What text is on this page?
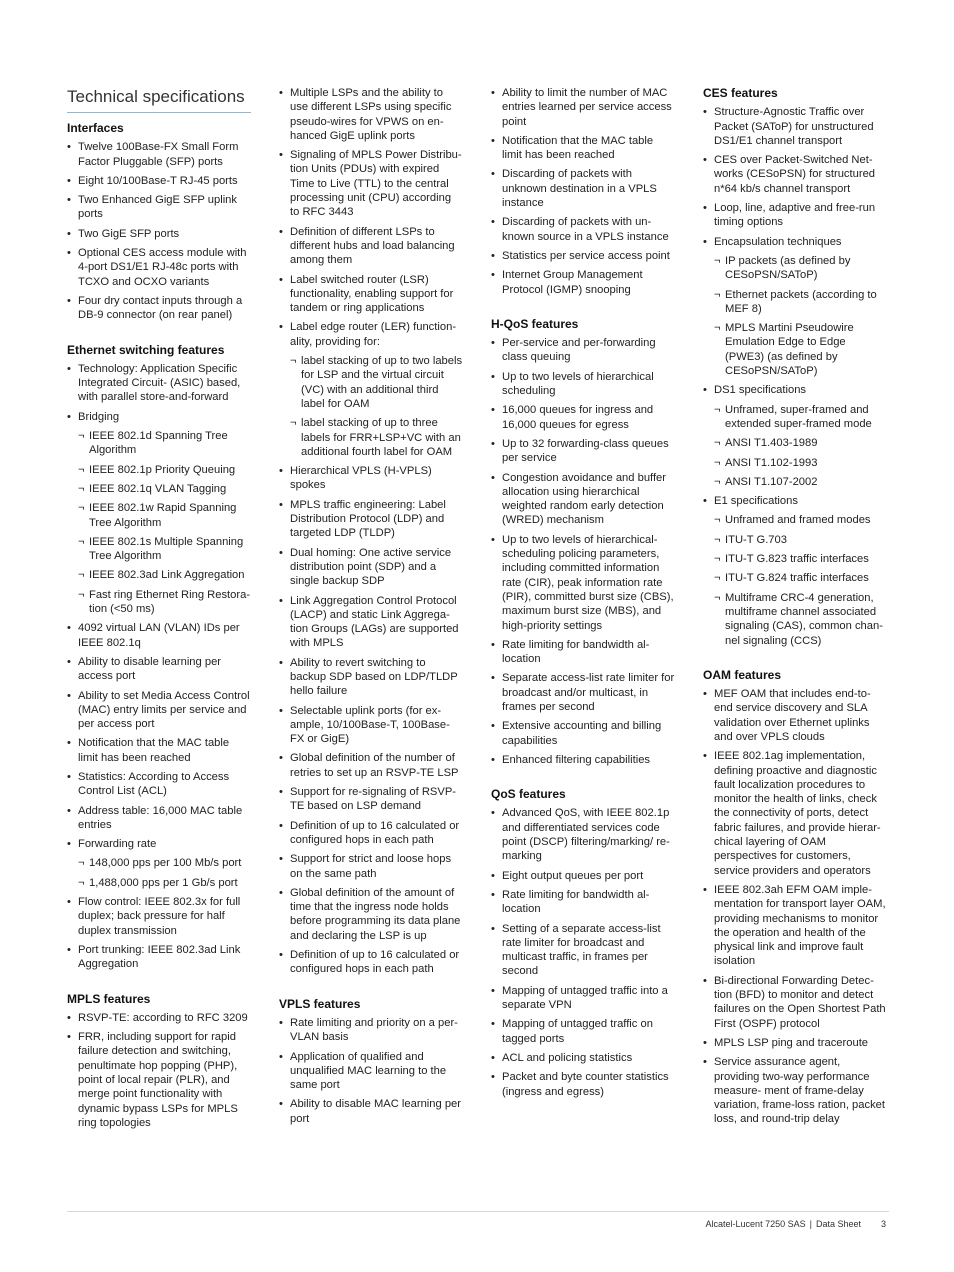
Technical specifications
Interfaces
• Twelve 100Base-FX Small Form Factor Pluggable (SFP) ports
• Eight 10/100Base-T RJ-45 ports
• Two Enhanced GigE SFP uplink ports
• Two GigE SFP ports
• Optional CES access module with 4-port DS1/E1 RJ-48c ports with TCXO and OCXO variants
• Four dry contact inputs through a DB-9 connector (on rear panel)
Ethernet switching features
• Technology: Application Specific Integrated Circuit- (ASIC) based, with parallel store-and-forward
• Bridging
¬ IEEE 802.1d Spanning Tree Algorithm
¬ IEEE 802.1p Priority Queuing
¬ IEEE 802.1q VLAN Tagging
¬ IEEE 802.1w Rapid Spanning Tree Algorithm
¬ IEEE 802.1s Multiple Spanning Tree Algorithm
¬ IEEE 802.3ad Link Aggregation
¬ Fast ring Ethernet Ring Restora- tion (<50 ms)
• 4092 virtual LAN (VLAN) IDs per IEEE 802.1q
• Ability to disable learning per access port
• Ability to set Media Access Control (MAC) entry limits per service and per access port
• Notification that the MAC table limit has been reached
• Statistics: According to Access Control List (ACL)
• Address table: 16,000 MAC table entries
• Forwarding rate
¬ 148,000 pps per 100 Mb/s port
¬ 1,488,000 pps per 1 Gb/s port
• Flow control: IEEE 802.3x for full duplex; back pressure for half duplex transmission
• Port trunking: IEEE 802.3ad Link Aggregation
MPLS features
• RSVP-TE: according to RFC 3209
• FRR, including support for rapid failure detection and switching, penultimate hop popping (PHP), point of local repair (PLR), and merge point functionality with dynamic bypass LSPs for MPLS ring topologies
• Multiple LSPs and the ability to use different LSPs using specific pseudo-wires for VPWS on en- hanced GigE uplink ports
• Signaling of MPLS Power Distribu- tion Units (PDUs) with expired Time to Live (TTL) to the central processing unit (CPU) according to RFC 3443
• Definition of different LSPs to different hubs and load balancing among them
• Label switched router (LSR) functionality, enabling support for tandem or ring applications
• Label edge router (LER) function- ality, providing for:
¬ label stacking of up to two labels for LSP and the virtual circuit (VC) with an additional third label for OAM
¬ label stacking of up to three labels for FRR+LSP+VC with an additional fourth label for OAM
• Hierarchical VPLS (H-VPLS) spokes
• MPLS traffic engineering: Label Distribution Protocol (LDP) and targeted LDP (TLDP)
• Dual homing: One active service distribution point (SDP) and a single backup SDP
• Link Aggregation Control Protocol (LACP) and static Link Aggrega- tion Groups (LAGs) are supported with MPLS
• Ability to revert switching to backup SDP based on LDP/TLDP hello failure
• Selectable uplink ports (for ex- ample, 10/100Base-T, 100Base-FX or GigE)
• Global definition of the number of retries to set up an RSVP-TE LSP
• Support for re-signaling of RSVP- TE based on LSP demand
• Definition of up to 16 calculated or configured hops in each path
• Support for strict and loose hops on the same path
• Global definition of the amount of time that the ingress node holds before programming its data plane and declaring the LSP is up
• Definition of up to 16 calculated or configured hops in each path
VPLS features
• Rate limiting and priority on a per-VLAN basis
• Application of qualified and unqualified MAC learning to the same port
• Ability to disable MAC learning per port
• Ability to limit the number of MAC entries learned per service access point
• Notification that the MAC table limit has been reached
• Discarding of packets with unknown destination in a VPLS instance
• Discarding of packets with un- known source in a VPLS instance
• Statistics per service access point
• Internet Group Management Protocol (IGMP) snooping
H-QoS features
• Per-service and per-forwarding class queuing
• Up to two levels of hierarchical scheduling
• 16,000 queues for ingress and 16,000 queues for egress
• Up to 32 forwarding-class queues per service
• Congestion avoidance and buffer allocation using hierarchical weighted random early detection (WRED) mechanism
• Up to two levels of hierarchical- scheduling policing parameters, including committed information rate (CIR), peak information rate (PIR), committed burst size (CBS), maximum burst size (MBS), and high-priority settings
• Rate limiting for bandwidth al- location
• Separate access-list rate limiter for broadcast and/or multicast, in frames per second
• Extensive accounting and billing capabilities
• Enhanced filtering capabilities
QoS features
• Advanced QoS, with IEEE 802.1p and differentiated services code point (DSCP) filtering/marking/ re-marking
• Eight output queues per port
• Rate limiting for bandwidth al- location
• Setting of a separate access-list rate limiter for broadcast and multicast traffic, in frames per second
• Mapping of untagged traffic into a separate VPN
• Mapping of untagged traffic on tagged ports
• ACL and policing statistics
• Packet and byte counter statistics (ingress and egress)
CES features
• Structure-Agnostic Traffic over Packet (SAToP) for unstructured DS1/E1 channel transport
• CES over Packet-Switched Net- works (CESoPSN) for structured n*64 kb/s channel transport
• Loop, line, adaptive and free-run timing options
• Encapsulation techniques
¬ IP packets (as defined by CESoPSN/SAToP)
¬ Ethernet packets (according to MEF 8)
¬ MPLS Martini Pseudowire Emulation Edge to Edge (PWE3) (as defined by CESoPSN/SAToP)
• DS1 specifications
¬ Unframed, super-framed and extended super-framed mode
¬ ANSI T1.403-1989
¬ ANSI T1.102-1993
¬ ANSI T1.107-2002
• E1 specifications
¬ Unframed and framed modes
¬ ITU-T G.703
¬ ITU-T G.823 traffic interfaces
¬ ITU-T G.824 traffic interfaces
¬ Multiframe CRC-4 generation, multiframe channel associated signaling (CAS), common chan- nel signaling (CCS)
OAM features
• MEF OAM that includes end-to- end service discovery and SLA validation over Ethernet uplinks and over VPLS clouds
• IEEE 802.1ag implementation, defining proactive and diagnostic fault localization procedures to monitor the health of links, check the connectivity of ports, detect fabric failures, and provide hierar- chical layering of OAM perspectives for customers, service providers and operators
• IEEE 802.3ah EFM OAM imple- mentation for transport layer OAM, providing mechanisms to monitor the operation and health of the physical link and improve fault isolation
• Bi-directional Forwarding Detec- tion (BFD) to monitor and detect failures on the Open Shortest Path First (OSPF) protocol
• MPLS LSP ping and traceroute
• Service assurance agent, providing two-way performance measure- ment of frame-delay variation, frame-loss ration, packet loss, and round-trip delay
Alcatel-Lucent 7250 SAS | Data Sheet 3
